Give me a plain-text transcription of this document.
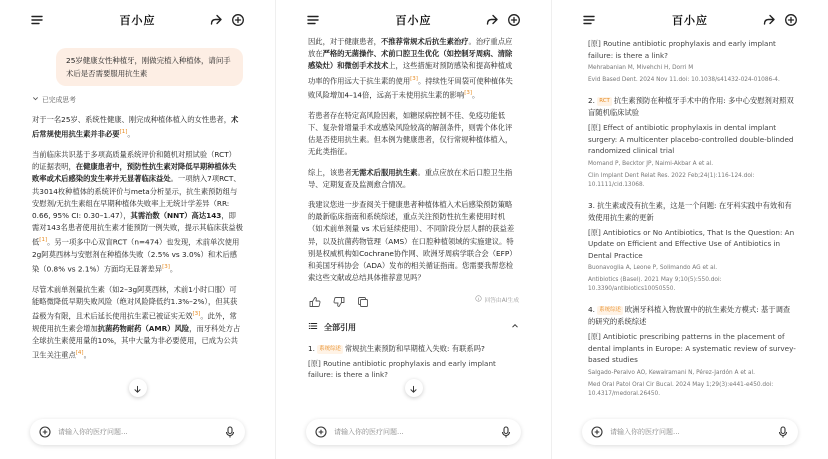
百小应
25岁健康女性种植牙，刚做完植入种植体，请问手术后是否需要服用抗生素
已完成思考
对于一名25岁、系统性健康、刚完成种植体植入的女性患者，术后常规使用抗生素并非必要[1]。
当前临床共识基于多项高质量系统评价和随机对照试验（RCT）的证据表明，在健康患者中，预防性抗生素对降低早期种植体失败率或术后感染的发生率并无显著临床益处。一项纳入7项RCT、共3014枚种植体的系统评价与meta分析显示，抗生素预防组与安慰剂/无抗生素组在早期种植体失败率上无统计学差异（RR: 0.66, 95% CI: 0.30–1.47），其需治数（NNT）高达143，即需对143名患者使用抗生素才能预防一例失败，提示其临床获益极低[1]。另一项多中心双盲RCT（n=474）也发现，术前单次使用2g阿莫西林与安慰剂在种植体失败（2.5% vs 3.0%）和术后感染（0.8% vs 2.1%）方面均无显著差异[3]。
尽管术前单剂量抗生素（如2–3g阿莫西林，术前1小时口服）可能略微降低早期失败风险（绝对风险降低约1.3%–2%），但其获益极为有限，且术后延长使用抗生素已被证实无效[3]。此外，常规使用抗生素会增加抗菌药物耐药（AMR）风险，而牙科处方占全球抗生素使用量的10%，其中大量为非必要使用，已成为公共卫生关注重点[4]。
请输入你的医疗问题...
百小应
因此，对于健康患者，不推荐常规术后抗生素治疗。治疗重点应放在严格的无菌操作、术前口腔卫生优化（如控制牙周病、清除感染灶）和微创手术技术上，这些措施对预防感染和提高种植成功率的作用远大于抗生素的使用[3]。持续性牙周袋可使种植体失败风险增加4–14倍，远高于未使用抗生素的影响[3]。
若患者存在特定高风险因素，如糖尿病控制不佳、免疫功能低下、复杂骨增量手术或感染风险较高的解剖条件，则需个体化评估是否使用抗生素。但本例为健康患者，仅行常规种植体植入，无此类指征。
综上，该患者无需术后服用抗生素。重点应放在术后口腔卫生指导、定期复查及监测愈合情况。
我建议您进一步查阅关于健康患者种植体植入术后感染预防策略的最新临床指南和系统综述，重点关注预防性抗生素使用时机（如术前单剂量 vs 术后延续使用）、不同阶段分层人群的获益差异，以及抗菌药物管理（AMS）在口腔种植领域的实施建议。特别是权威机构如Cochrane协作网、欧洲牙周病学联合会（EFP）和美国牙科协会（ADA）发布的相关循证指南。您需要我帮您检索这些文献或总结具体推荐意见吗？
回答由AI生成
全部引用
1. 系统综述 常规抗生素预防和早期植入失败: 有联系吗?
[原] Routine antibiotic prophylaxis and early implant failure: is there a link?
请输入你的医疗问题...
百小应
[原] Routine antibiotic prophylaxis and early implant failure: is there a link?
Mehrabanian M, Mivehchi H, Dorri M
Evid Based Dent. 2024 Nov 11.doi: 10.1038/s41432-024-01086-4.
2. RCT 抗生素预防在种植牙手术中的作用: 多中心安慰剂对照双盲随机临床试验
[原] Effect of antibiotic prophylaxis in dental implant surgery: A multicenter placebo-controlled double-blinded randomized clinical trial
Momand P, Becktor JP, Naimi-Akbar A et al.
Clin Implant Dent Relat Res. 2022 Feb;24(1):116-124.doi: 10.1111/cid.13068.
3. 抗生素或没有抗生素，这是一个问题: 在牙科实践中有效和有效使用抗生素的更新
[原] Antibiotics or No Antibiotics, That Is the Question: An Update on Efficient and Effective Use of Antibiotics in Dental Practice
Buonavoglia A, Leone P, Solimando AG et al.
Antibiotics (Basel). 2021 May 9;10(5):550.doi: 10.3390/antibiotics10050550.
4. 系统综述 欧洲牙科植入物放置中的抗生素处方模式: 基于调查的研究的系统综述
[原] Antibiotic prescribing patterns in the placement of dental implants in Europe: A systematic review of survey-based studies
Salgado-Peralvo AO, Kewalramani N, Pérez-Jardón A et al.
Med Oral Patol Oral Cir Bucal. 2024 May 1;29(3):e441-e450.doi: 10.4317/medoral.26450.
请输入你的医疗问题...
